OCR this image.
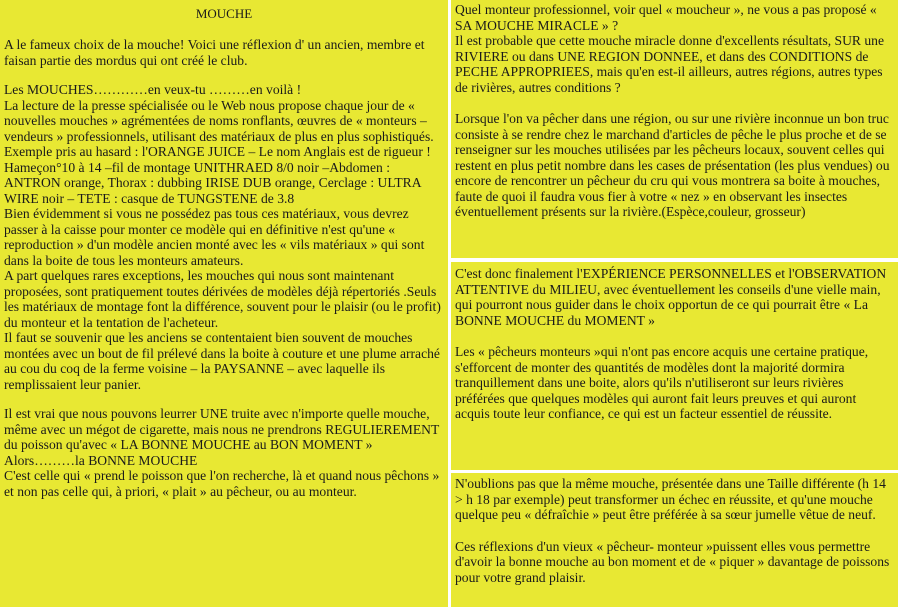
MOUCHE

A le fameux choix de la mouche! Voici une réflexion d' un ancien, membre et faisan partie des mordus qui ont créé le club.

Les MOUCHES…………en veux-tu ………en voilà !

La lecture de la presse spécialisée ou le Web nous propose chaque jour de « nouvelles mouches » agrémentées de noms ronflants, œuvres de « monteurs – vendeurs » professionnels, utilisant des matériaux de plus en plus sophistiqués.

Exemple pris au hasard : l'ORANGE JUICE – Le nom Anglais est de rigueur !

Hameçon°10 à 14 –fil de montage UNITHRAED 8/0 noir –Abdomen : ANTRON orange, Thorax : dubbing IRISE DUB orange, Cerclage : ULTRA WIRE noir – TETE : casque de TUNGSTENE de 3.8

Bien évidemment si vous ne possédez pas tous ces matériaux, vous devrez passer à la caisse pour monter ce modèle qui en définitive n'est qu'une « reproduction » d'un modèle ancien monté avec les « vils matériaux » qui sont dans la boite de tous les monteurs amateurs.

A part quelques rares exceptions, les mouches qui nous sont maintenant proposées, sont pratiquement toutes dérivées de modèles déjà répertoriés .Seuls les matériaux de montage font la différence, souvent pour le plaisir (ou le profit) du monteur et la tentation de l'acheteur.

Il faut se souvenir que les anciens se contentaient bien souvent de mouches montées avec un bout de fil prélevé dans la boite à couture et une plume arraché au cou du coq de la ferme voisine – la PAYSANNE – avec laquelle ils remplissaient leur panier.

Il est vrai que nous pouvons leurrer UNE truite avec n'importe quelle mouche, même avec un mégot de cigarette, mais nous ne prendrons REGULIEREMENT du poisson qu'avec « LA BONNE MOUCHE au BON MOMENT »

Alors………la BONNE MOUCHE

C'est celle qui « prend le poisson que l'on recherche, là et quand nous pêchons » et non pas celle qui, à priori, « plait » au pêcheur, ou au monteur.

Quel monteur professionnel, voir quel « moucheur », ne vous a pas proposé « SA MOUCHE MIRACLE » ?

Il est probable que cette mouche miracle donne d'excellents résultats, SUR une RIVIERE ou dans UNE REGION DONNEE, et dans des CONDITIONS de PECHE APPROPRIEES, mais qu'en est-il ailleurs, autres régions, autres types de rivières, autres conditions ?

Lorsque l'on va pêcher dans une région, ou sur une rivière inconnue un bon truc consiste à se rendre chez le marchand d'articles de pêche le plus proche et de se renseigner sur les mouches utilisées par les pêcheurs locaux, souvent celles qui restent en plus petit nombre dans les cases de présentation (les plus vendues) ou encore de rencontrer un pêcheur du cru qui vous montrera sa boite à mouches, faute de quoi il faudra vous fier à votre « nez » en observant les insectes éventuellement présents sur la rivière.(Espèce,couleur, grosseur)

C'est donc finalement l'EXPÉRIENCE PERSONNELLES et l'OBSERVATION ATTENTIVE du MILIEU, avec éventuellement les conseils d'une vielle main, qui pourront nous guider dans le choix opportun de ce qui pourrait être « La BONNE MOUCHE du MOMENT »

Les « pêcheurs monteurs »qui n'ont pas encore acquis une certaine pratique, s'efforcent de monter des quantités de modèles dont la majorité dormira tranquillement dans une boite, alors qu'ils n'utiliseront sur leurs rivières préférées que quelques modèles qui auront fait leurs preuves et qui auront acquis toute leur confiance, ce qui est un facteur essentiel de réussite.

N'oublions pas que la même mouche, présentée dans une Taille différente (h 14 > h 18 par exemple) peut transformer un échec en réussite, et qu'une mouche quelque peu « défraîchie » peut être préférée à sa sœur jumelle vêtue de neuf.

Ces réflexions d'un vieux « pêcheur- monteur »puissent elles vous permettre d'avoir la bonne mouche au bon moment et de « piquer » davantage de poissons pour votre grand plaisir.
